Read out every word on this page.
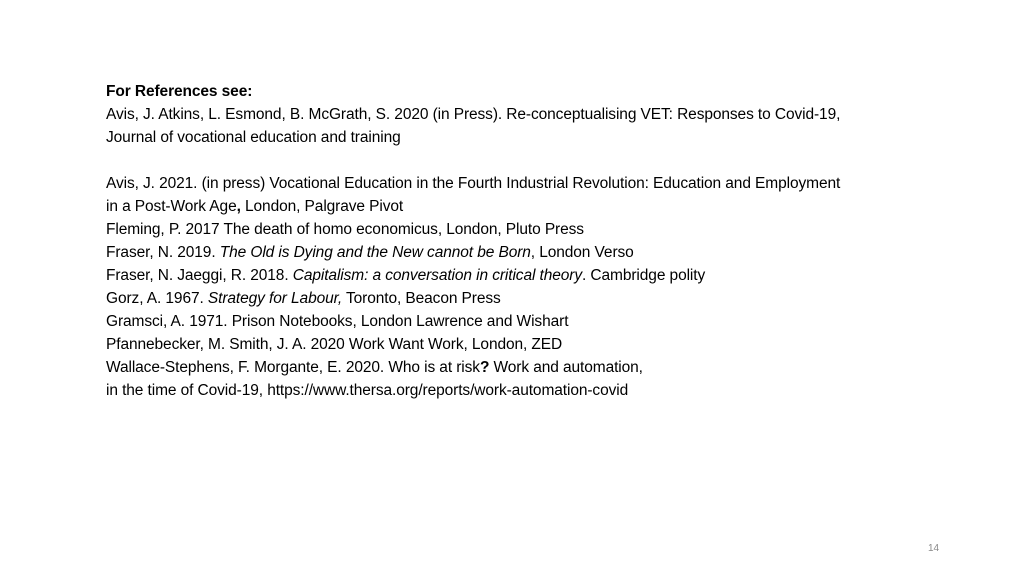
For References see:
Avis, J. Atkins, L. Esmond, B. McGrath, S. 2020 (in Press). Re-conceptualising VET: Responses to Covid-19,
Journal of vocational education and training
Avis, J. 2021. (in press) Vocational Education in the Fourth Industrial Revolution: Education and Employment
in a Post-Work Age, London, Palgrave Pivot
Fleming, P. 2017 The death of homo economicus, London, Pluto Press
Fraser, N. 2019. The Old is Dying and the New cannot be Born, London Verso
Fraser, N. Jaeggi, R. 2018. Capitalism: a conversation in critical theory. Cambridge polity
Gorz, A. 1967. Strategy for Labour, Toronto, Beacon Press
Gramsci, A. 1971. Prison Notebooks, London Lawrence and Wishart
Pfannebecker, M. Smith, J. A. 2020 Work Want Work, London, ZED
Wallace-Stephens, F. Morgante, E. 2020. Who is at risk? Work and automation,
in the time of Covid-19, https://www.thersa.org/reports/work-automation-covid
14
